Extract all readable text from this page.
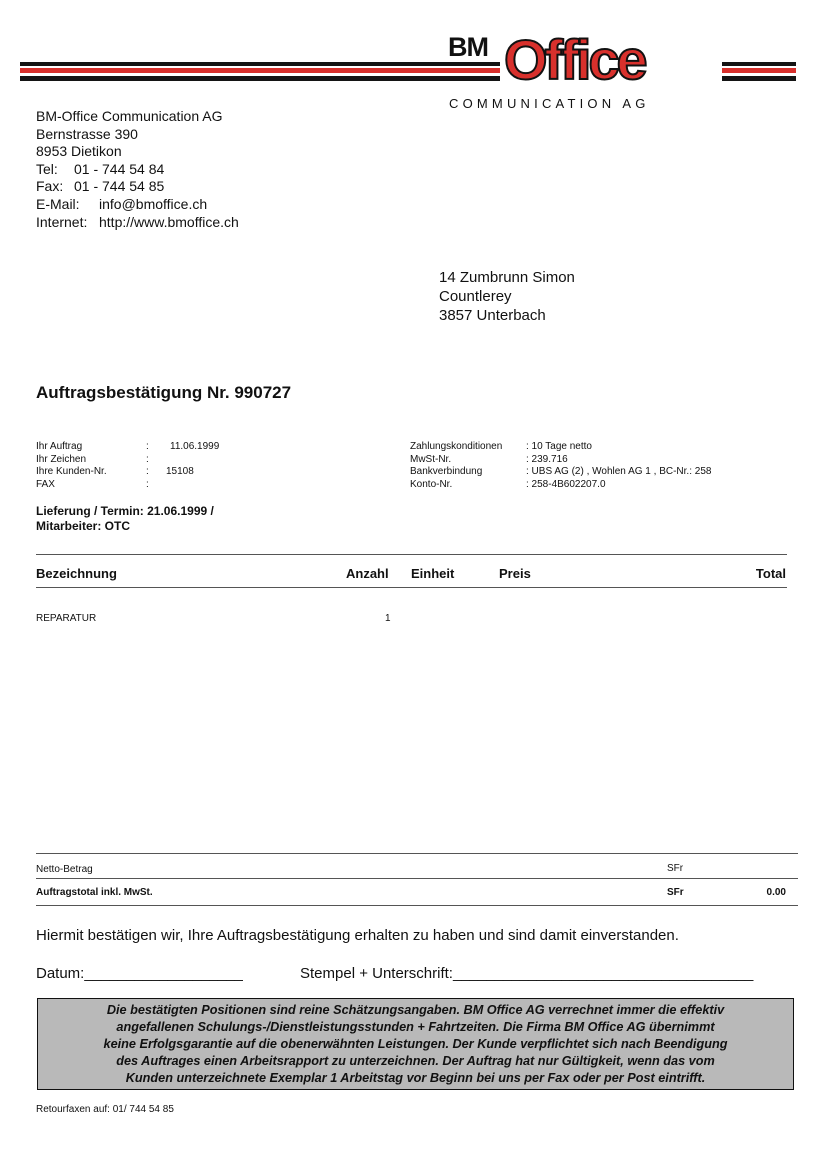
BM Office
COMMUNICATION AG
BM-Office Communication AG
Bernstrasse 390
8953 Dietikon
Tel: 01 - 744 54 84
Fax: 01 - 744 54 85
E-Mail: info@bmoffice.ch
Internet: http://www.bmoffice.ch
14 Zumbrunn Simon
Countlerey
3857 Unterbach
Auftragsbestätigung Nr. 990727
Ihr Auftrag	: 11.06.1999
Ihr Zeichen	:
Ihre Kunden-Nr.	: 15108
FAX	:
Zahlungskonditionen : 10 Tage netto
MwSt-Nr.	: 239.716
Bankverbindung	: UBS AG (2) , Wohlen AG 1 , BC-Nr.: 258
Konto-Nr.	: 258-4B602207.0
Lieferung / Termin: 21.06.1999 /
Mitarbeiter: OTC
Bezeichnung	Anzahl Einheit	Preis	Total
REPARATUR	1
Netto-Betrag	SFr
Auftragstotal inkl. MwSt.	SFr	0.00
Hiermit bestätigen wir, Ihre Auftragsbestätigung erhalten zu haben und sind damit einverstanden.
Datum:___________________	Stempel + Unterschrift:____________________________________
Die bestätigten Positionen sind reine Schätzungsangaben. BM Office AG verrechnet immer die effektiv
angefallenen Schulungs-/Dienstleistungsstunden + Fahrtzeiten. Die Firma BM Office AG übernimmt
keine Erfolgsgarantie auf die obenerwähnten Leistungen. Der Kunde verpflichtet sich nach Beendigung
des Auftrages einen Arbeitsrapport zu unterzeichnen. Der Auftrag hat nur Gültigkeit, wenn das vom
Kunden unterzeichnete Exemplar 1 Arbeitstag vor Beginn bei uns per Fax oder per Post eintrifft.
Retourfaxen auf: 01/ 744 54 85
